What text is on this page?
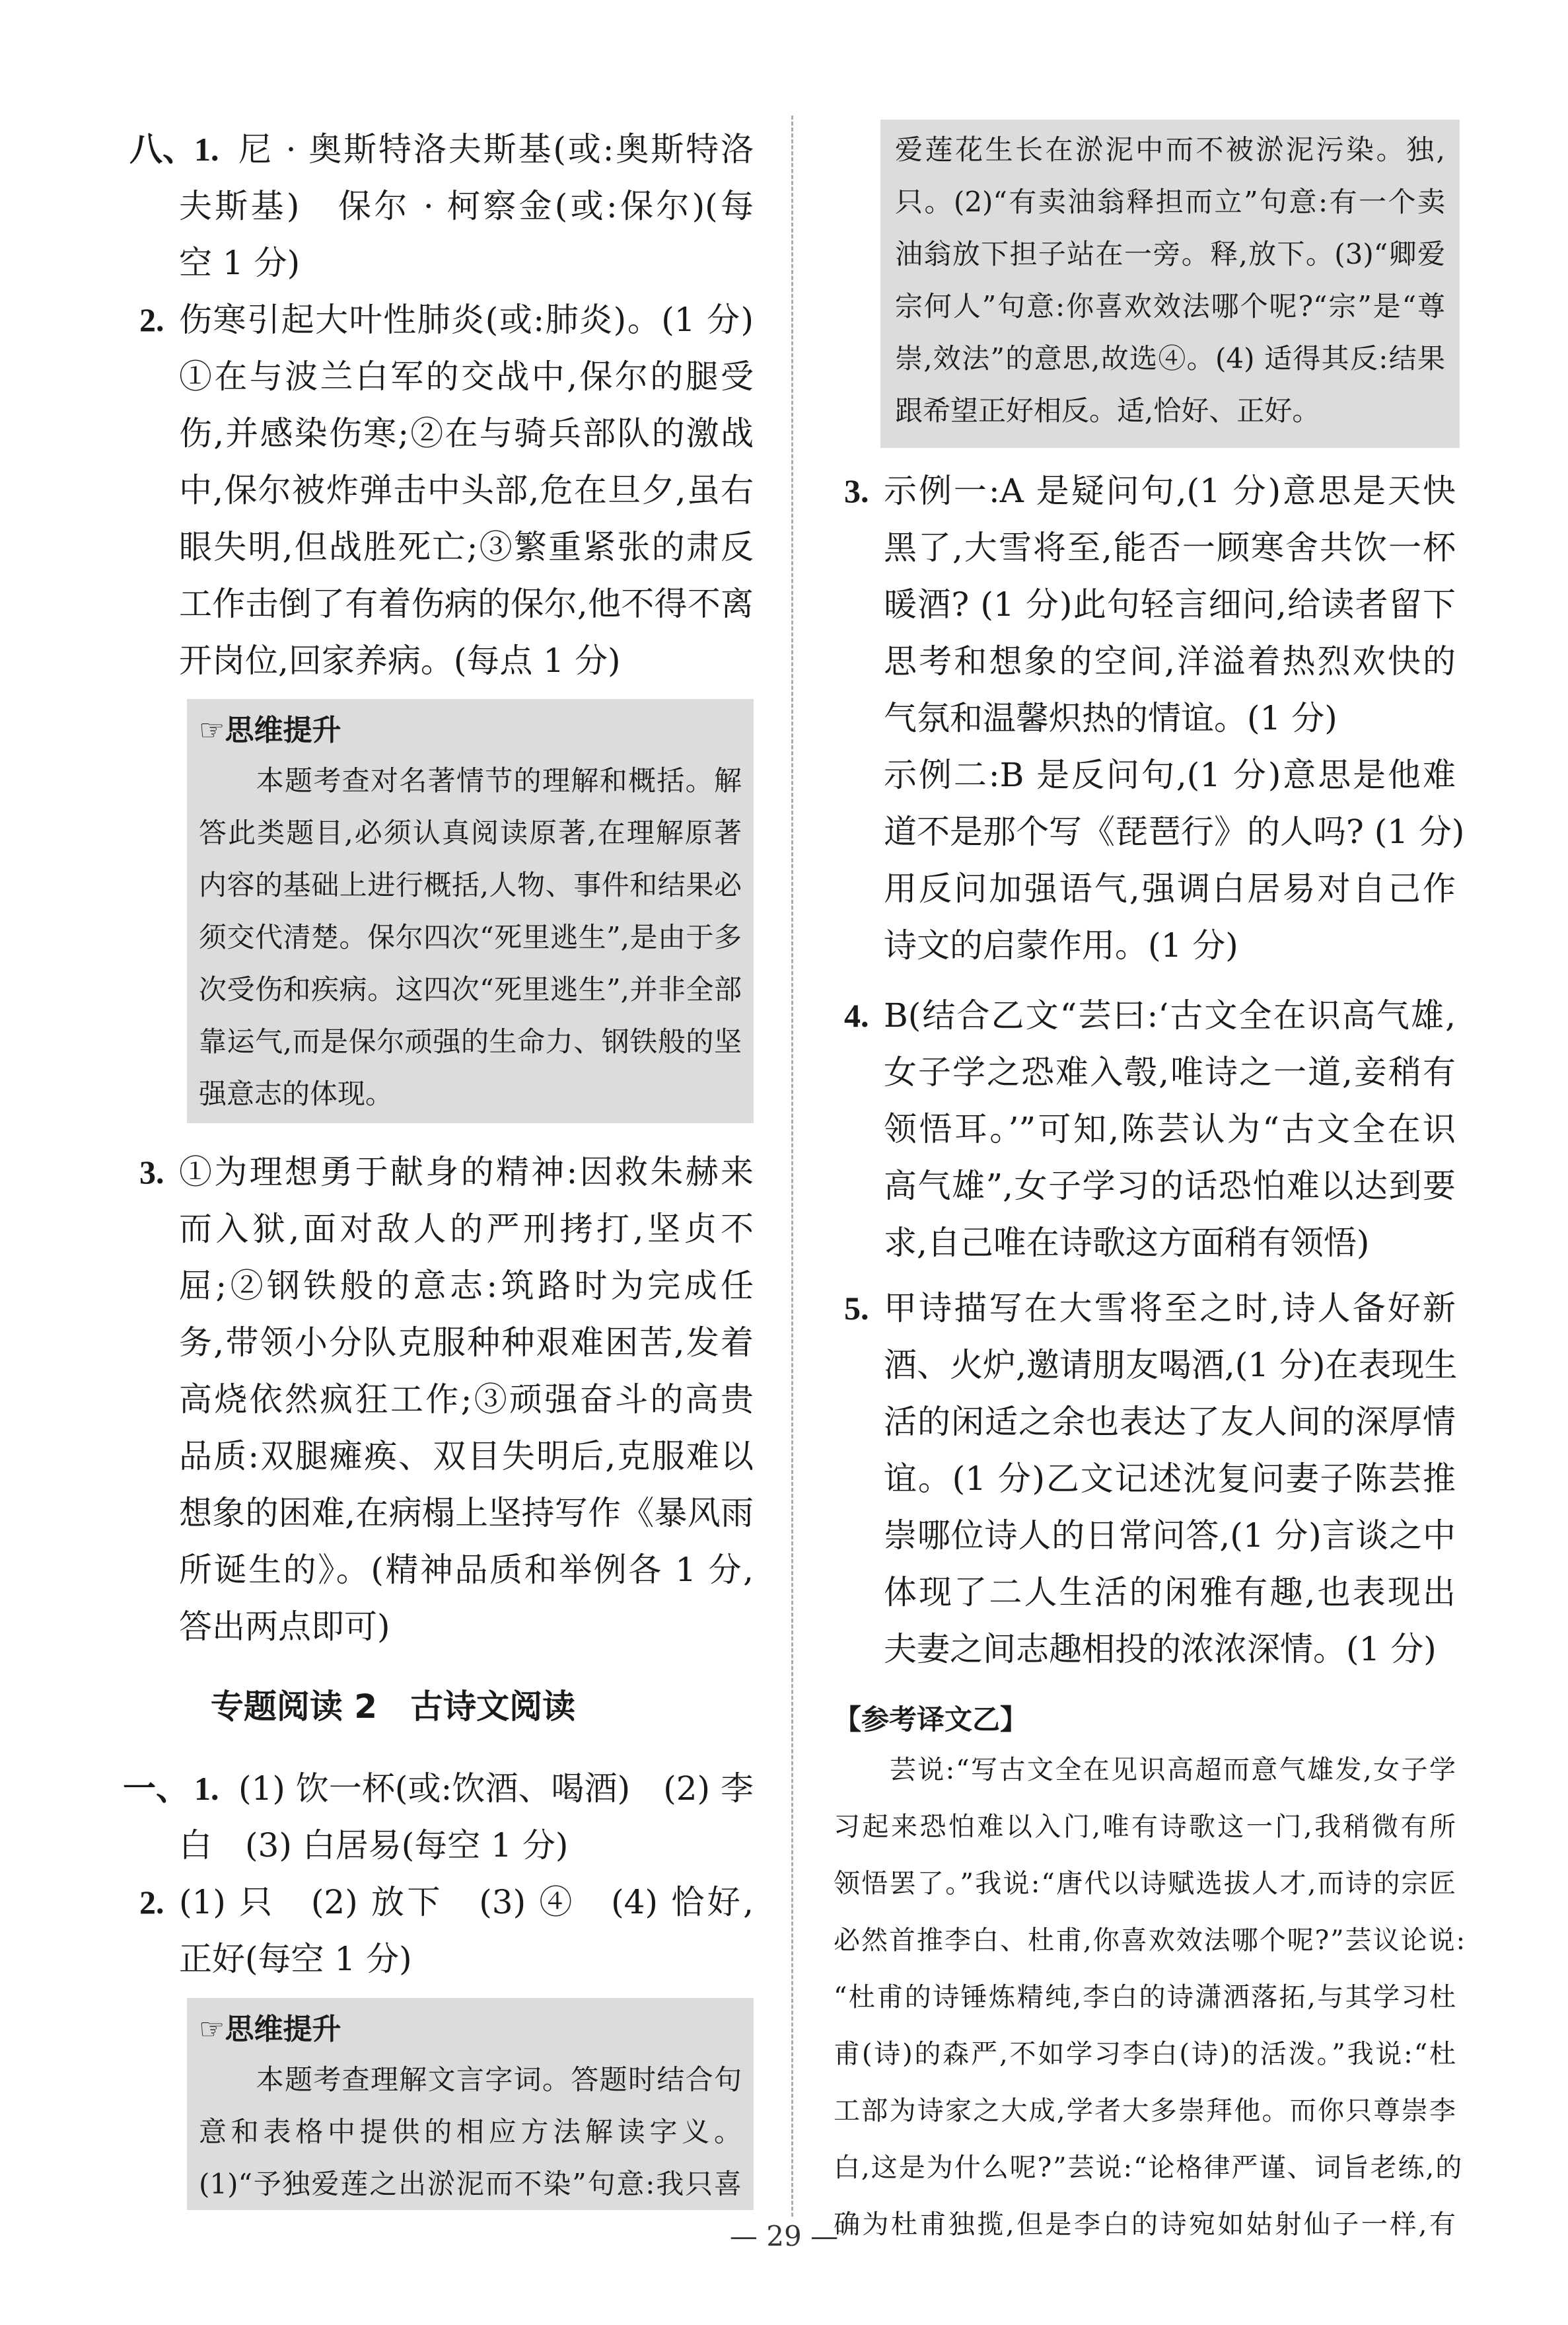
八、
1. 尼 · 奥斯特洛夫斯基(或:奥斯特洛
夫斯基)　保尔 · 柯察金(或:保尔)(每
空 1 分)
2. 伤寒引起大叶性肺炎(或:肺炎)。(1 分)
①在与波兰白军的交战中,保尔的腿受
伤,并感染伤寒;②在与骑兵部队的激战
中,保尔被炸弹击中头部,危在旦夕,虽右
眼失明,但战胜死亡;③繁重紧张的肃反
工作击倒了有着伤病的保尔,他不得不离
开岗位,回家养病。(每点 1 分)
☞思维提升
　　本题考查对名著情节的理解和概括。解
答此类题目,必须认真阅读原著,在理解原著
内容的基础上进行概括,人物、事件和结果必
须交代清楚。保尔四次“死里逃生”,是由于多
次受伤和疾病。这四次“死里逃生”,并非全部
靠运气,而是保尔顽强的生命力、钢铁般的坚
强意志的体现。
3. ①为理想勇于献身的精神:因救朱赫来
而入狱,面对敌人的严刑拷打,坚贞不
屈;②钢铁般的意志:筑路时为完成任
务,带领小分队克服种种艰难困苦,发着
高烧依然疯狂工作;③顽强奋斗的高贵
品质:双腿瘫痪、双目失明后,克服难以
想象的困难,在病榻上坚持写作《暴风雨
所诞生的》。(精神品质和举例各 1 分,
答出两点即可)
专题阅读 2　古诗文阅读
一、 1. (1) 饮一杯(或:饮酒、喝酒)　(2) 李
白　(3) 白居易(每空 1 分)
2. (1) 只　(2) 放下　(3) ④　(4) 恰好,
正好(每空 1 分)
☞思维提升
　　本题考查理解文言字词。答题时结合句
意和表格中提供的相应方法解读字义。
(1)“予独爱莲之出淤泥而不染”句意:我只喜
爱莲花生长在淤泥中而不被淤泥污染。独,
只。(2)“有卖油翁释担而立”句意:有一个卖
油翁放下担子站在一旁。释,放下。(3)“卿爱
宗何人”句意:你喜欢效法哪个呢?“宗”是“尊
崇,效法”的意思,故选④。(4) 适得其反:结果
跟希望正好相反。适,恰好、正好。
3. 示例一:A 是疑问句,(1 分)意思是天快
黑了,大雪将至,能否一顾寒舍共饮一杯
暖酒? (1 分)此句轻言细问,给读者留下
思考和想象的空间,洋溢着热烈欢快的
气氛和温馨炽热的情谊。(1 分)
示例二:B 是反问句,(1 分)意思是他难
道不是那个写《琵琶行》的人吗? (1 分)
用反问加强语气,强调白居易对自己作
诗文的启蒙作用。(1 分)
4. B(结合乙文“芸曰:‘古文全在识高气雄,
女子学之恐难入彀,唯诗之一道,妾稍有
领悟耳。’”可知,陈芸认为“古文全在识
高气雄”,女子学习的话恐怕难以达到要
求,自己唯在诗歌这方面稍有领悟)
5. 甲诗描写在大雪将至之时,诗人备好新
酒、火炉,邀请朋友喝酒,(1 分)在表现生
活的闲适之余也表达了友人间的深厚情
谊。(1 分)乙文记述沈复问妻子陈芸推
崇哪位诗人的日常问答,(1 分)言谈之中
体现了二人生活的闲雅有趣,也表现出
夫妻之间志趣相投的浓浓深情。(1 分)
【参考译文乙】
　　芸说:“写古文全在见识高超而意气雄发,女子学
习起来恐怕难以入门,唯有诗歌这一门,我稍微有所
领悟罢了。”我说:“唐代以诗赋选拔人才,而诗的宗匠
必然首推李白、杜甫,你喜欢效法哪个呢?”芸议论说:
“杜甫的诗锤炼精纯,李白的诗潇洒落拓,与其学习杜
甫(诗)的森严,不如学习李白(诗)的活泼。”我说:“杜
工部为诗家之大成,学者大多崇拜他。而你只尊崇李
白,这是为什么呢?”芸说:“论格律严谨、词旨老练,的
确为杜甫独揽,但是李白的诗宛如姑射仙子一样,有
— 29 —
